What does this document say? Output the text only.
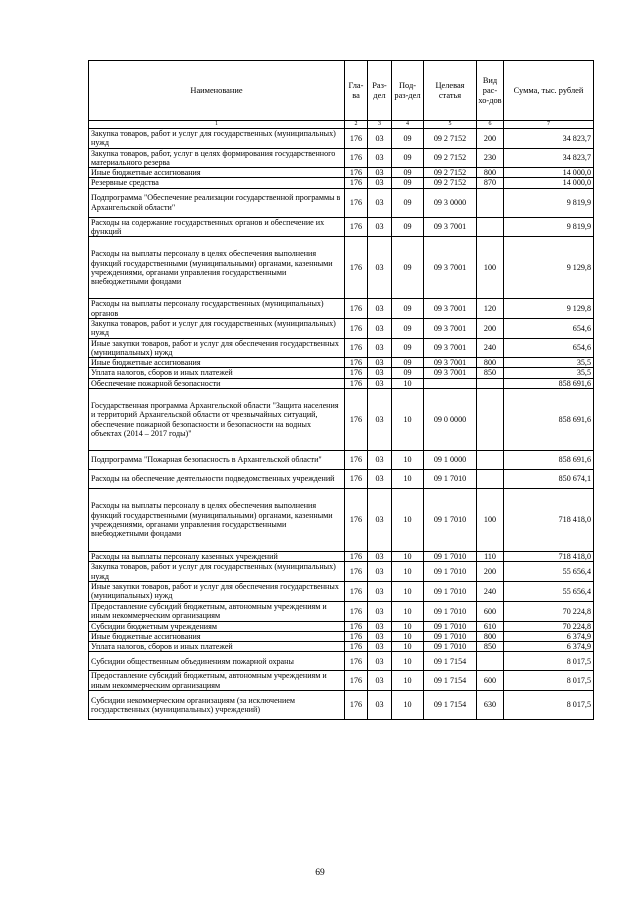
Наименование	Гла-ва	Раз-дел	Под-раз-дел	Целевая статья	Вид рас-хо-дов	Сумма, тыс. рублей
1	2	3	4	5	6	7
Закупка товаров, работ и услуг для государственных (муниципальных) нужд	176	03	09	09 2 7152	200	34 823,7
Закупка товаров, работ, услуг в целях формирования государственного материального резерва	176	03	09	09 2 7152	230	34 823,7
Иные бюджетные ассигнования	176	03	09	09 2 7152	800	14 000,0
Резервные средства	176	03	09	09 2 7152	870	14 000,0
Подпрограмма "Обеспечение реализации государственной программы в Архангельской области"	176	03	09	09 3 0000		9 819,9
Расходы на содержание государственных органов и обеспечение их функций	176	03	09	09 3 7001		9 819,9
Расходы на выплаты персоналу в целях обеспечения выполнения функций государственными (муниципальными) органами, казенными учреждениями, органами управления государственными внебюджетными фондами	176	03	09	09 3 7001	100	9 129,8
Расходы на выплаты персоналу государственных (муниципальных) органов	176	03	09	09 3 7001	120	9 129,8
Закупка товаров, работ и услуг для государственных (муниципальных) нужд	176	03	09	09 3 7001	200	654,6
Иные закупки товаров, работ и услуг для обеспечения государственных (муниципальных) нужд	176	03	09	09 3 7001	240	654,6
Иные бюджетные ассигнования	176	03	09	09 3 7001	800	35,5
Уплата налогов, сборов и иных платежей	176	03	09	09 3 7001	850	35,5
Обеспечение пожарной безопасности	176	03	10			858 691,6
Государственная программа Архангельской области "Защита населения и территорий Архангельской области от чрезвычайных ситуаций, обеспечение пожарной безопасности и безопасности на водных объектах (2014 – 2017 годы)"	176	03	10	09 0 0000		858 691,6
Подпрограмма "Пожарная безопасность в Архангельской области"	176	03	10	09 1 0000		858 691,6
Расходы на обеспечение деятельности подведомственных учреждений	176	03	10	09 1 7010		850 674,1
Расходы на выплаты персоналу в целях обеспечения выполнения функций государственными (муниципальными) органами, казенными учреждениями, органами управления государственными внебюджетными фондами	176	03	10	09 1 7010	100	718 418,0
Расходы на выплаты персоналу казенных учреждений	176	03	10	09 1 7010	110	718 418,0
Закупка товаров, работ и услуг для государственных (муниципальных) нужд	176	03	10	09 1 7010	200	55 656,4
Иные закупки товаров, работ и услуг для обеспечения государственных (муниципальных) нужд	176	03	10	09 1 7010	240	55 656,4
Предоставление субсидий бюджетным, автономным учреждениям и иным некоммерческим организациям	176	03	10	09 1 7010	600	70 224,8
Субсидии бюджетным учреждениям	176	03	10	09 1 7010	610	70 224,8
Иные бюджетные ассигнования	176	03	10	09 1 7010	800	6 374,9
Уплата налогов, сборов и иных платежей	176	03	10	09 1 7010	850	6 374,9
Субсидии общественным объединениям пожарной охраны	176	03	10	09 1 7154		8 017,5
Предоставление субсидий бюджетным, автономным учреждениям и иным некоммерческим организациям	176	03	10	09 1 7154	600	8 017,5
Субсидии некоммерческим организациям (за исключением государственных (муниципальных) учреждений)	176	03	10	09 1 7154	630	8 017,5
69
